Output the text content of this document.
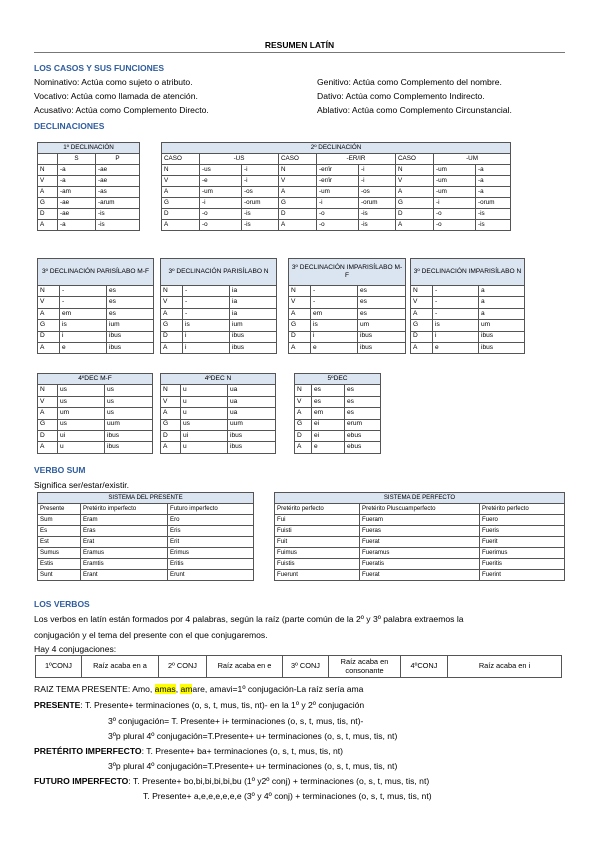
RESUMEN LATÍN
LOS CASOS Y SUS FUNCIONES
Nominativo: Actúa como sujeto o atributo.
Vocativo: Actúa como llamada de atención.
Acusativo: Actúa como Complemento Directo.
Genitivo: Actúa como Complemento del nombre.
Dativo: Actúa como Complemento Indirecto.
Ablativo: Actúa como Complemento Circunstancial.
DECLINACIONES
1º DECLINACIÓN		
	S	P
N	-a	-ae
V	-a	-ae
A	-am	-as
G	-ae	-arum
D	-ae	-is
A	-a	-is
2º DECLINACIÓN								
CASO	-US		CASO	-ER/IR		CASO	-UM	
N	-us	-i	N	-er/ir	-i	N	-um	-a
V	-e	-i	V	-er/ir	-i	V	-um	-a
A	-um	-os	A	-um	-os	A	-um	-a
G	-i	-orum	G	-i	-orum	G	-i	-orum
D	-o	-is	D	-o	-is	D	-o	-is
A	-o	-is	A	-o	-is	A	-o	-is
3º DECLINACIÓN PARISÍLABO M-F		
N	-	es
V	-	es
A	em	es
G	is	ium
D	i	ibus
A	e	ibus
3º DECLINACIÓN PARISÍLABO N		
N	-	ia
V	-	ia
A	-	ia
G	is	ium
D	i	ibus
A	i	ibus
3º DECLINACIÓN IMPARISÍLABO M-F		
N	-	es
V	-	es
A	em	es
G	is	um
D	i	ibus
A	e	ibus
3º DECLINACIÓN IMPARISÍLABO N		
N	-	a
V	-	a
A	-	a
G	is	um
D	i	ibus
A	e	ibus
4ºDEC M-F		
N	us	us
V	us	us
A	um	us
G	us	uum
D	ui	ibus
A	u	ibus
4ºDEC N		
N	u	ua
V	u	ua
A	u	ua
G	us	uum
D	ui	ibus
A	u	ibus
5ºDEC		
N	es	es
V	es	es
A	em	es
G	ei	erum
D	ei	ebus
A	e	ebus
VERBO SUM
Significa ser/estar/existir.
SISTEMA DEL PRESENTE		
Presente	Pretérito imperfecto	Futuro imperfecto
Sum	Eram	Ero
Es	Eras	Eris
Est	Erat	Erit
Sumus	Eramus	Erimus
Estis	Eramtis	Eritis
Sunt	Erant	Erunt
SISTEMA DE PERFECTO		
Pretérito perfecto	Pretérito Pluscuamperfecto	Pretérito perfecto
Fui	Fueram	Fuero
Fuisti	Fueras	Fueris
Fuit	Fuerat	Fuerit
Fuimus	Fueramus	Fuerimus
Fuistis	Fueratis	Fueritis
Fuerunt	Fuerat	Fuerint
LOS VERBOS
Los verbos en latín están formados por 4 palabras, según la raíz (parte común de la 2º y 3º palabra extraemos la
conjugación y el tema del presente con el que conjugaremos.
Hay 4 conjugaciones:
1ºCONJ	Raíz acaba en a	2º CONJ	Raíz acaba en e	3º CONJ	Raíz acaba en consonante	4ºCONJ	Raíz acaba en i
RAIZ TEMA PRESENTE: Amo, amas, amare, amavi=1º conjugación-La raíz sería ama
PRESENTE: T. Presente+ terminaciones (o, s, t, mus, tis, nt)- en la 1º y 2º conjugación
3º conjugación= T. Presente+ i+ terminaciones (o, s, t, mus, tis, nt)-
3ºp plural 4º conjugación=T.Presente+ u+ terminaciones (o, s, t, mus, tis, nt)
PRETÉRITO IMPERFECTO: T. Presente+ ba+ terminaciones (o, s, t, mus, tis, nt)
3ºp plural 4º conjugación=T.Presente+ u+ terminaciones (o, s, t, mus, tis, nt)
FUTURO IMPERFECTO: T. Presente+ bo,bi,bi,bi,bi,bu (1º y2º conj) + terminaciones (o, s, t, mus, tis, nt)
T. Presente+ a,e,e,e,e,e,e (3º y 4º conj) + terminaciones (o, s, t, mus, tis, nt)
